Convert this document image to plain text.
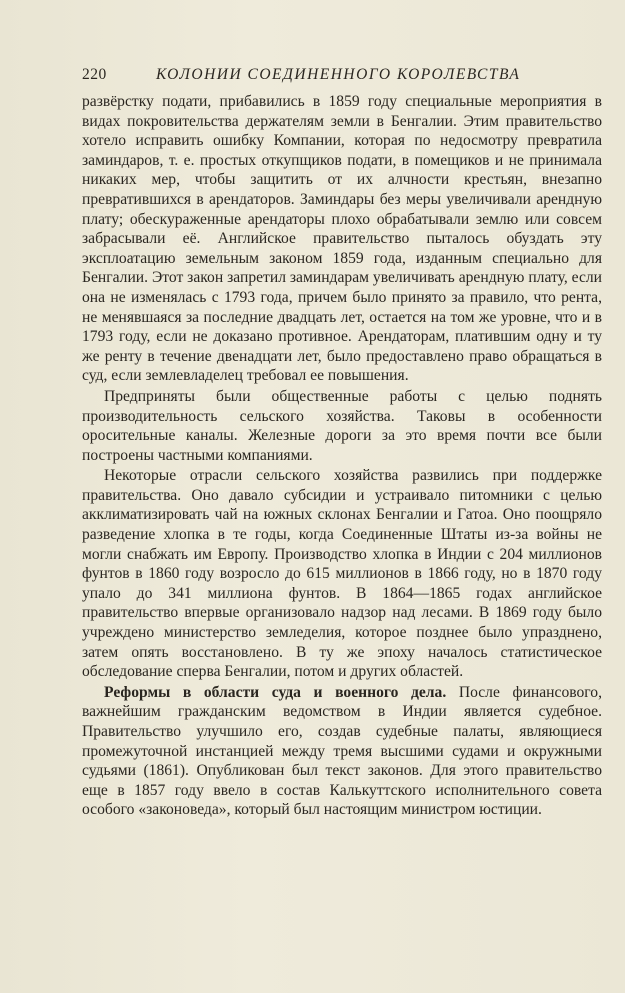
220	КОЛОНИИ СОЕДИНЕННОГО КОРОЛЕВСТВА

развёрстку подати, прибавились в 1859 году специальные мероприятия в видах покровительства держателям земли в Бенгалии. Этим правительство хотело исправить ошибку Компании, которая по недосмотру превратила заминдаров, т. е. простых откупщиков подати, в помещиков и не принимала никаких мер, чтобы защитить от их алчности крестьян, внезапно превратившихся в арендаторов. Заминдары без меры увеличивали арендную плату; обескураженные арендаторы плохо обрабатывали землю или совсем забрасывали её. Английское правительство пыталось обуздать эту эксплоатацию земельным законом 1859 года, изданным специально для Бенгалии. Этот закон запретил заминдарам увеличивать арендную плату, если она не изменялась с 1793 года, причем было принято за правило, что рента, не менявшаяся за последние двадцать лет, остается на том же уровне, что и в 1793 году, если не доказано противное. Арендаторам, платившим одну и ту же ренту в течение двенадцати лет, было предоставлено право обращаться в суд, если землевладелец требовал ее повышения.

Предприняты были общественные работы с целью поднять производительность сельского хозяйства. Таковы в особенности оросительные каналы. Железные дороги за это время почти все были построены частными компаниями.

Некоторые отрасли сельского хозяйства развились при поддержке правительства. Оно давало субсидии и устраивало питомники с целью акклиматизировать чай на южных склонах Бенгалии и Гатоа. Оно поощряло разведение хлопка в те годы, когда Соединенные Штаты из-за войны не могли снабжать им Европу. Производство хлопка в Индии с 204 миллионов фунтов в 1860 году возросло до 615 миллионов в 1866 году, но в 1870 году упало до 341 миллиона фунтов. В 1864—1865 годах английское правительство впервые организовало надзор над лесами. В 1869 году было учреждено министерство земледелия, которое позднее было упразднено, затем опять восстановлено. В ту же эпоху началось статистическое обследование сперва Бенгалии, потом и других областей.

Реформы в области суда и военного дела. После финансового, важнейшим гражданским ведомством в Индии является судебное. Правительство улучшило его, создав судебные палаты, являющиеся промежуточной инстанцией между тремя высшими судами и окружными судьями (1861). Опубликован был текст законов. Для этого правительство еще в 1857 году ввело в состав Калькуттского исполнительного совета особого «законоведа», который был настоящим министром юстиции.
